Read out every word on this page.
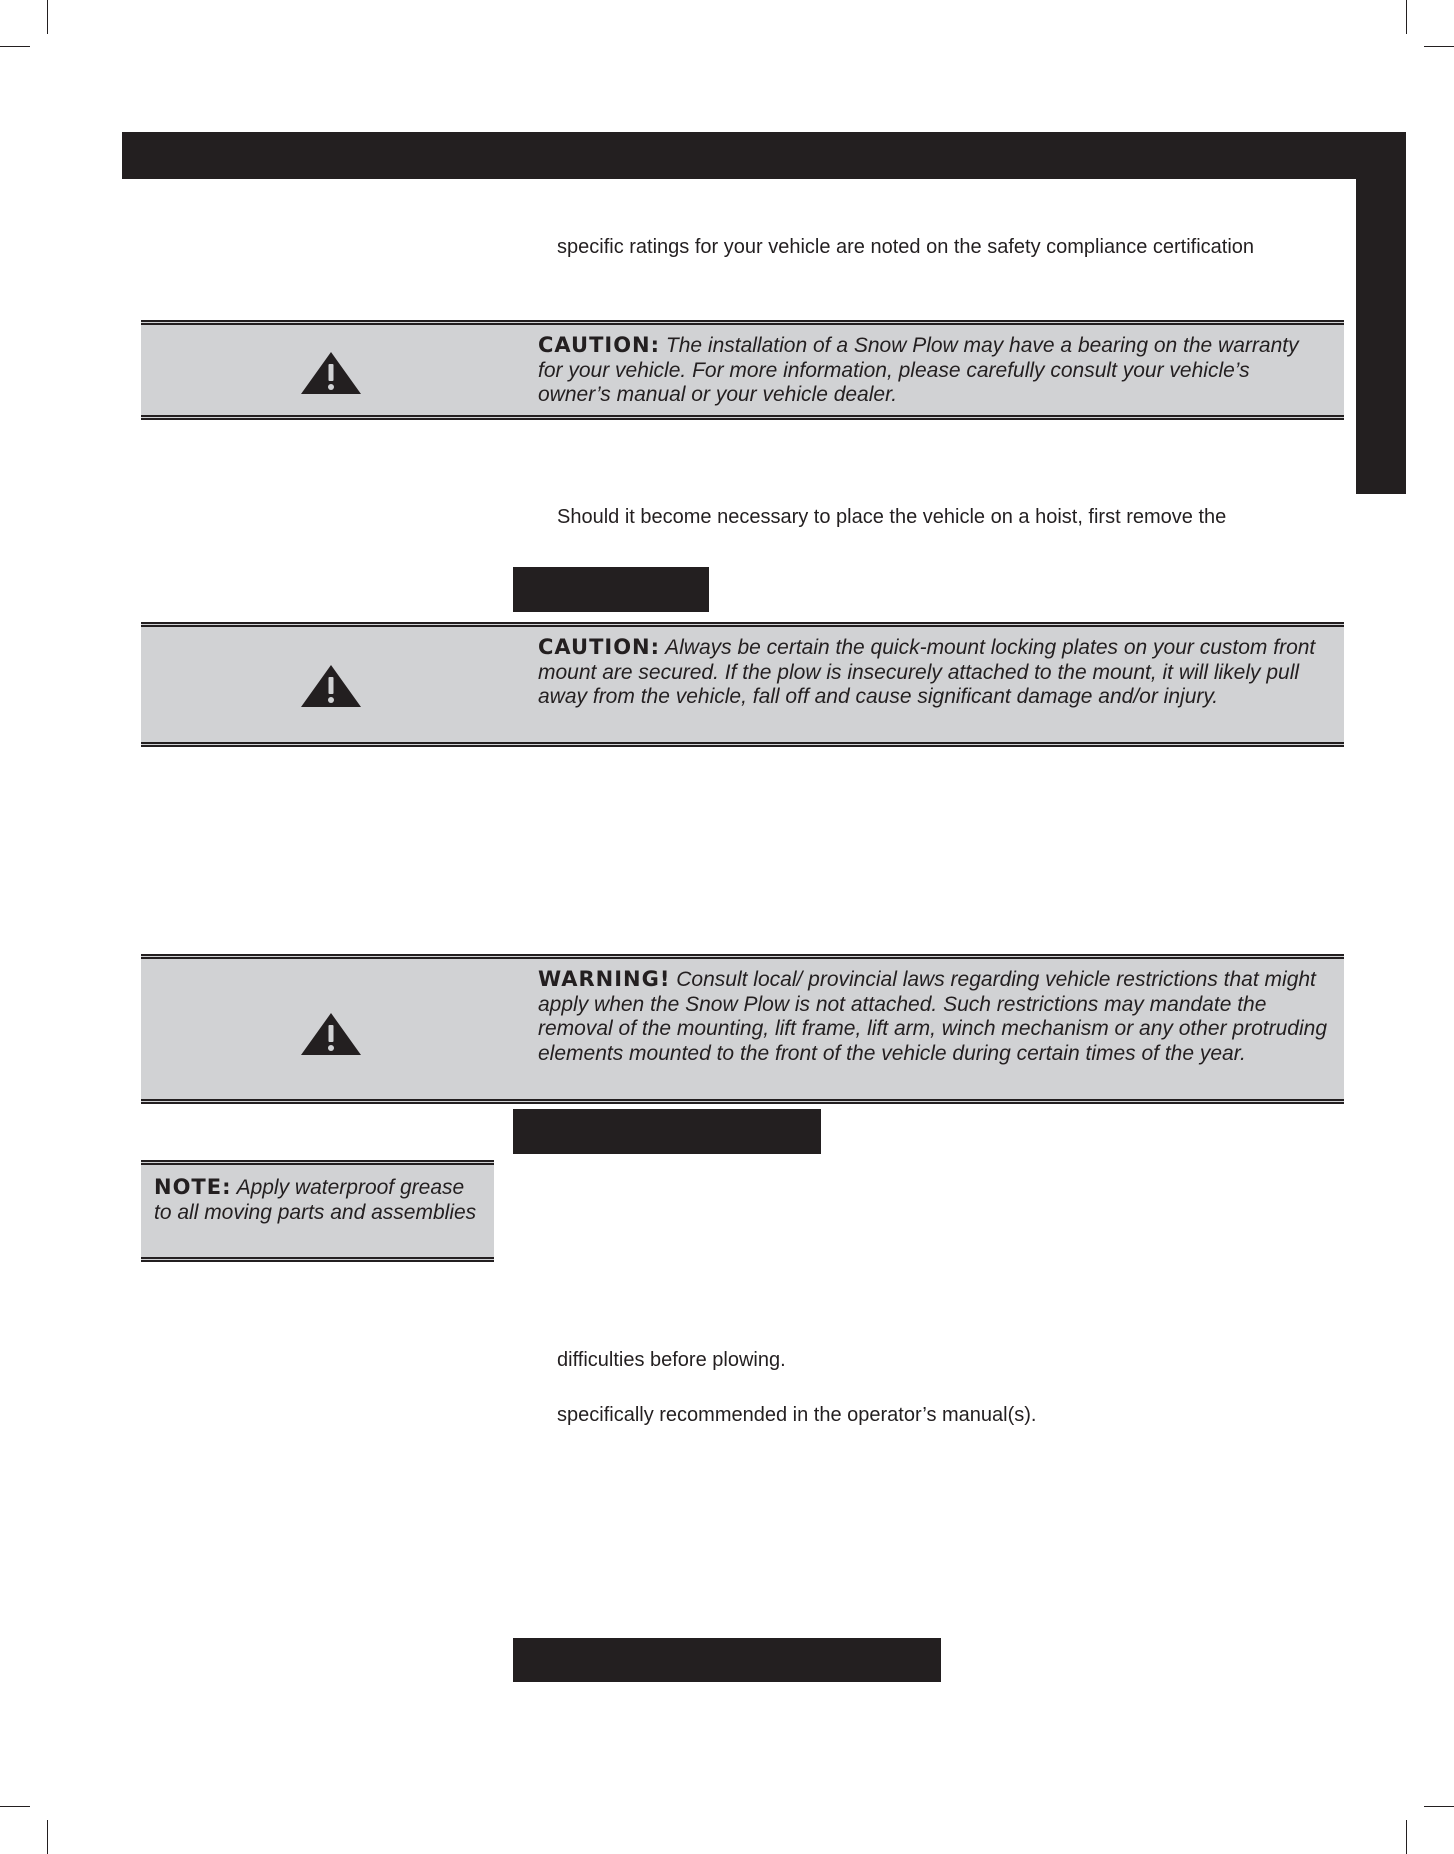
specific ratings for your vehicle are noted on the safety compliance certification
CAUTION: The installation of a Snow Plow may have a bearing on the warranty for your vehicle. For more information, please carefully consult your vehicle’s owner’s manual or your vehicle dealer.
Should it become necessary to place the vehicle on a hoist, first remove the
CAUTION: Always be certain the quick-mount locking plates on your custom front mount are secured. If the plow is insecurely attached to the mount, it will likely pull away from the vehicle, fall off and cause significant damage and/or injury.
WARNING! Consult local/ provincial laws regarding vehicle restrictions that might apply when the Snow Plow is not attached. Such restrictions may mandate the removal of the mounting, lift frame, lift arm, winch mechanism or any other protruding elements mounted to the front of the vehicle during certain times of the year.
NOTE: Apply waterproof grease to all moving parts and assemblies
difficulties before plowing.
specifically recommended in the operator’s manual(s).
